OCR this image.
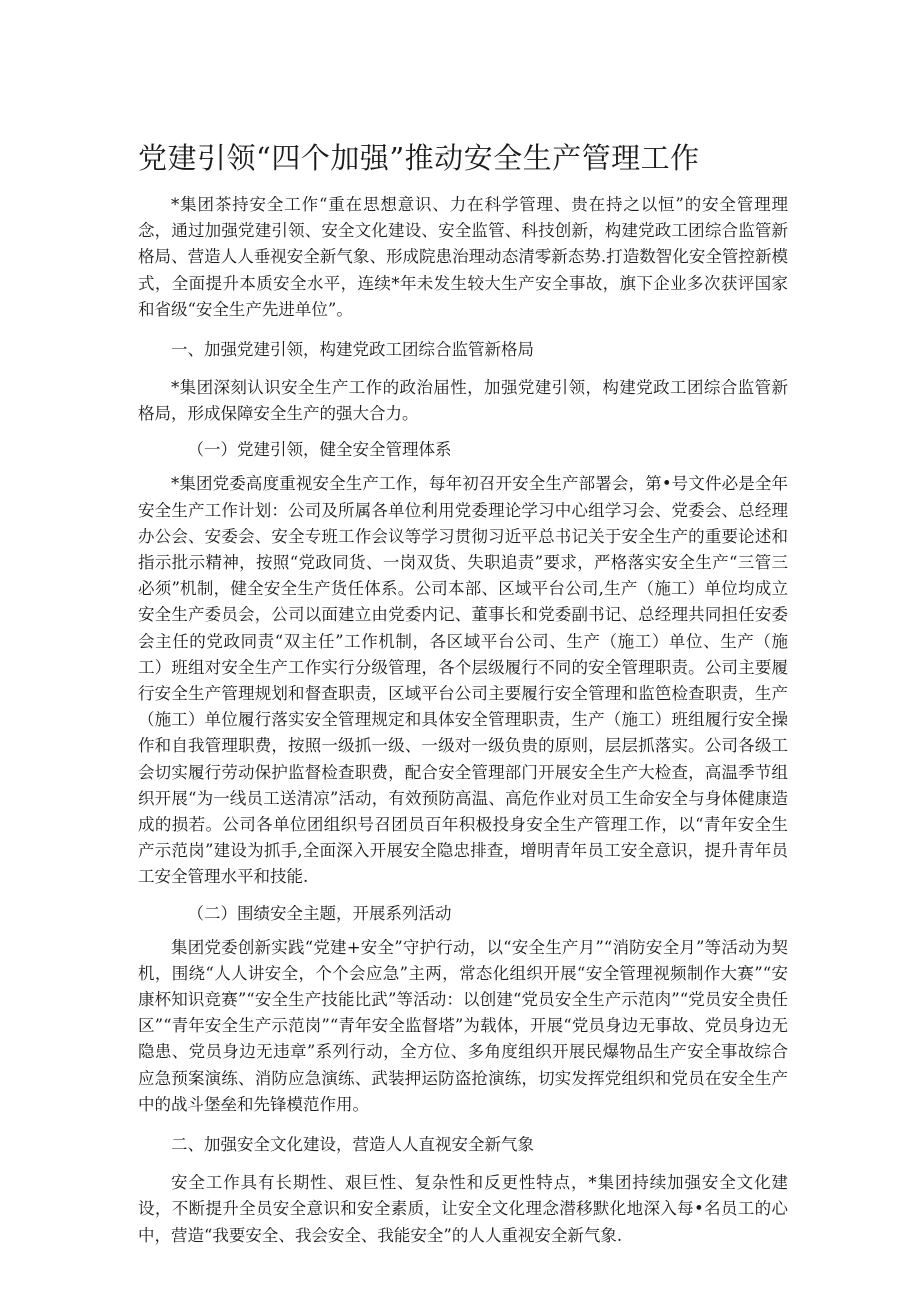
党建引领“四个加强”推动安全生产管理工作

*集团茶持安全工作“重在思想意识、力在科学管理、贵在持之以恒”的安全管理理念，通过加强党建引领、安全文化建设、安全监管、科技创新，构建党政工团综合监管新格局、营造人人垂视安全新气象、形成院患治理动态清零新态势.打造数智化安全管控新模式，全面提升本质安全水平，连续*年未发生较大生产安全事故，旗下企业多次获评国家和省级“安全生产先进单位”。

一、加强党建引领，构建党政工团综合监管新格局

*集团深刻认识安全生产工作的政治届性，加强党建引领，构建党政工团综合监管新格局，形成保障安全生产的强大合力。

（一）党建引领，健全安全管理体系

*集团党委高度重视安全生产工作，每年初召开安全生产部署会，第•号文件必是全年安全生产工作计划：公司及所属各单位利用党委理论学习中心组学习会、党委会、总经理办公会、安委会、安全专班工作会议等学习贯彻习近平总书记关于安全生产的重要论述和指示批示精神，按照“党政同货、一岗双货、失职追责”要求，严格落实安全生产“三管三必须”机制，健全安全生产货任体系。公司本部、区域平台公司,生产（施工）单位均成立安全生产委员会，公司以面建立由党委内记、董事长和党委副书记、总经理共同担任安委会主任的党政同责“双主任”工作机制，各区域平台公司、生产（施工）单位、生产（施工）班组对安全生产工作实行分级管理，各个层级履行不同的安全管理职责。公司主要履行安全生产管理规划和督查职责，区域平台公司主要履行安全管理和监笆检查职责，生产（施工）单位履行落实安全管理规定和具体安全管理职责，生产（施工）班组履行安全操作和自我管理职费，按照一级抓一级、一级对一级负贵的原则，层层抓落实。公司各级工会切实履行劳动保护监督检查职费，配合安全管理部门开展安全生产大检查，高温季节组织开展“为一线员工送清凉”活动，有效预防高温、高危作业对员工生命安全与身体健康造成的损若。公司各单位团组织号召团员百年积极投身安全生产管理工作，以“青年安全生产示范岗”建设为抓手,全面深入开展安全隐忠排查，增明青年员工安全意识，提升青年员工安全管理水平和技能.

（二）围绩安全主题，开展系列活动

集团党委创新实践“党建+安全”守护行动，以“安全生产月”“消防安全月”等活动为契机，围绕“人人讲安全，个个会应急”主两，常态化组织开展“安全管理视频制作大赛”“安康杯知识竞赛”“安全生产技能比武”等活动：以创建“党员安全生产示范肉”“党员安全贵任区”“青年安全生产示范岗”“青年安全监督塔”为载体，开展“党员身边无事故、党员身边无隐患、党员身边无违章”系列行动，全方位、多角度组织开展民爆物品生产安全事故综合应急预案演练、消防应急演练、武装押运防盗抢演练，切实发挥党组织和党员在安全生产中的战斗堡垒和先锋模范作用。

二、加强安全文化建设，营造人人直视安全新气象

安全工作具有长期性、艰巨性、复杂性和反更性特点，*集团持续加强安全文化建设，不断提升全员安全意识和安全素质，让安全文化理念潜移默化地深入每•名员工的心中，营造“我要安全、我会安全、我能安全”的人人重视安全新气象.
